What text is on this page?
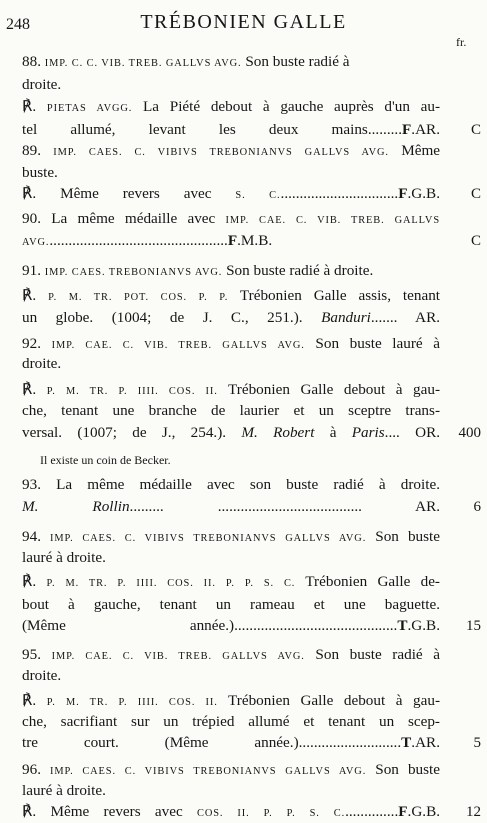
248	TRÉBONIEN GALLE
fr.
88. IMP. C. C. VIB. TREB. GALLVS AVG. Son buste radié à
droite.
℟. PIETAS AVGG. La Piété debout à gauche auprès d'un au-
tel allumé, levant les deux mains.........F.AR.
89. IMP. CAES. C. VIBIVS TREBONIANVS GALLVS AVG. Même
buste.
℟. Même revers avec S. C................................F.G.B.
90. La même médaille avec IMP. CAE. C. VIB. TREB. GALLVS
AVG................................................F.M.B.
91. IMP. CAES. TREBONIANVS AVG. Son buste radié à droite.
℟. P. M. TR. POT. COS. P. P. Trébonien Galle assis, tenant
un globe. (1004; de J. C., 251.). Banduri....... AR.
92. IMP. CAE. C. VIB. TREB. GALLVS AVG. Son buste lauré à
droite.
℟. P. M. TR. P. IIII. COS. II. Trébonien Galle debout à gau-
che, tenant une branche de laurier et un sceptre trans-
versal. (1007; de J., 254.). M. Robert à Paris.... OR.
Il existe un coin de Becker.
93. La même médaille avec son buste radié à droite.
M. Rollin......... ...................................... AR.
94. IMP. CAES. C. VIBIVS TREBONIANVS GALLVS AVG. Son buste
lauré à droite.
℟. P. M. TR. P. IIII. COS. II. P. P. S. C. Trébonien Galle de-
bout à gauche, tenant un rameau et une baguette.
(Même année.)...........................................T.G.B.
95. IMP. CAE. C. VIB. TREB. GALLVS AVG. Son buste radié à
droite.
℟. P. M. TR. P. IIII. COS. II. Trébonien Galle debout à gau-
che, sacrifiant sur un trépied allumé et tenant un scep-
tre court. (Même année.)...........................T.AR.
96. IMP. CAES. C. VIBIVS TREBONIANVS GALLVS AVG. Son buste
lauré à droite.
℟. Même revers avec COS. II. P. P. S. C...............F.G.B.
C
C
C
400
6
15
5
12
